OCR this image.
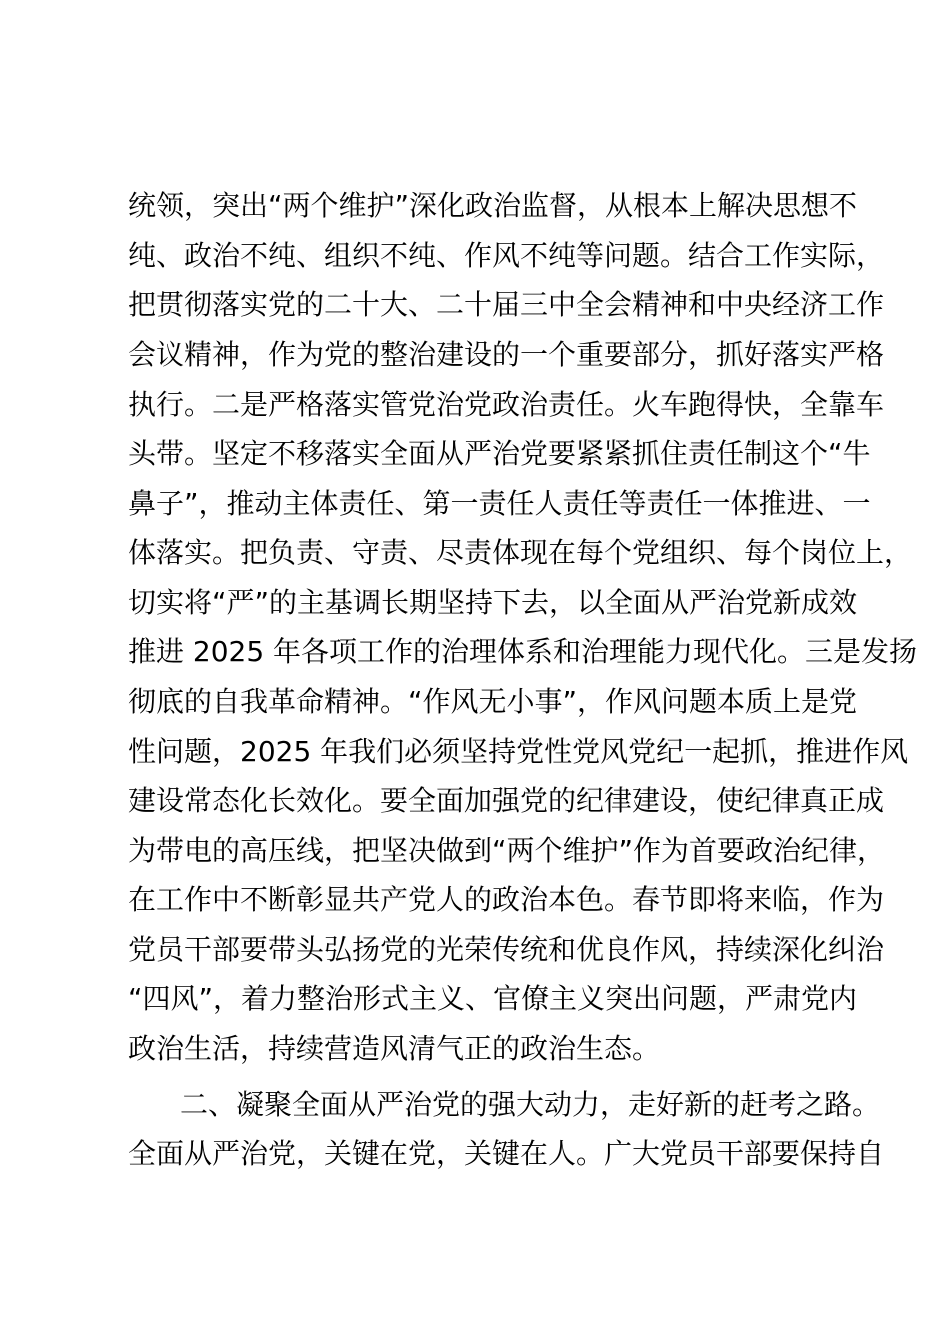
统领，突出“两个维护”深化政治监督，从根本上解决思想不
纯、政治不纯、组织不纯、作风不纯等问题。结合工作实际，
把贯彻落实党的二十大、二十届三中全会精神和中央经济工作
会议精神，作为党的整治建设的一个重要部分，抓好落实严格
执行。二是严格落实管党治党政治责任。火车跑得快，全靠车
头带。坚定不移落实全面从严治党要紧紧抓住责任制这个“牛
鼻子”，推动主体责任、第一责任人责任等责任一体推进、一
体落实。把负责、守责、尽责体现在每个党组织、每个岗位上，
切实将“严”的主基调长期坚持下去，以全面从严治党新成效
推进 2025 年各项工作的治理体系和治理能力现代化。三是发扬
彻底的自我革命精神。“作风无小事”，作风问题本质上是党
性问题，2025 年我们必须坚持党性党风党纪一起抓，推进作风
建设常态化长效化。要全面加强党的纪律建设，使纪律真正成
为带电的高压线，把坚决做到“两个维护”作为首要政治纪律，
在工作中不断彰显共产党人的政治本色。春节即将来临，作为
党员干部要带头弘扬党的光荣传统和优良作风，持续深化纠治
“四风”，着力整治形式主义、官僚主义突出问题，严肃党内
政治生活，持续营造风清气正的政治生态。
二、凝聚全面从严治党的强大动力，走好新的赶考之路。
全面从严治党，关键在党，关键在人。广大党员干部要保持自
